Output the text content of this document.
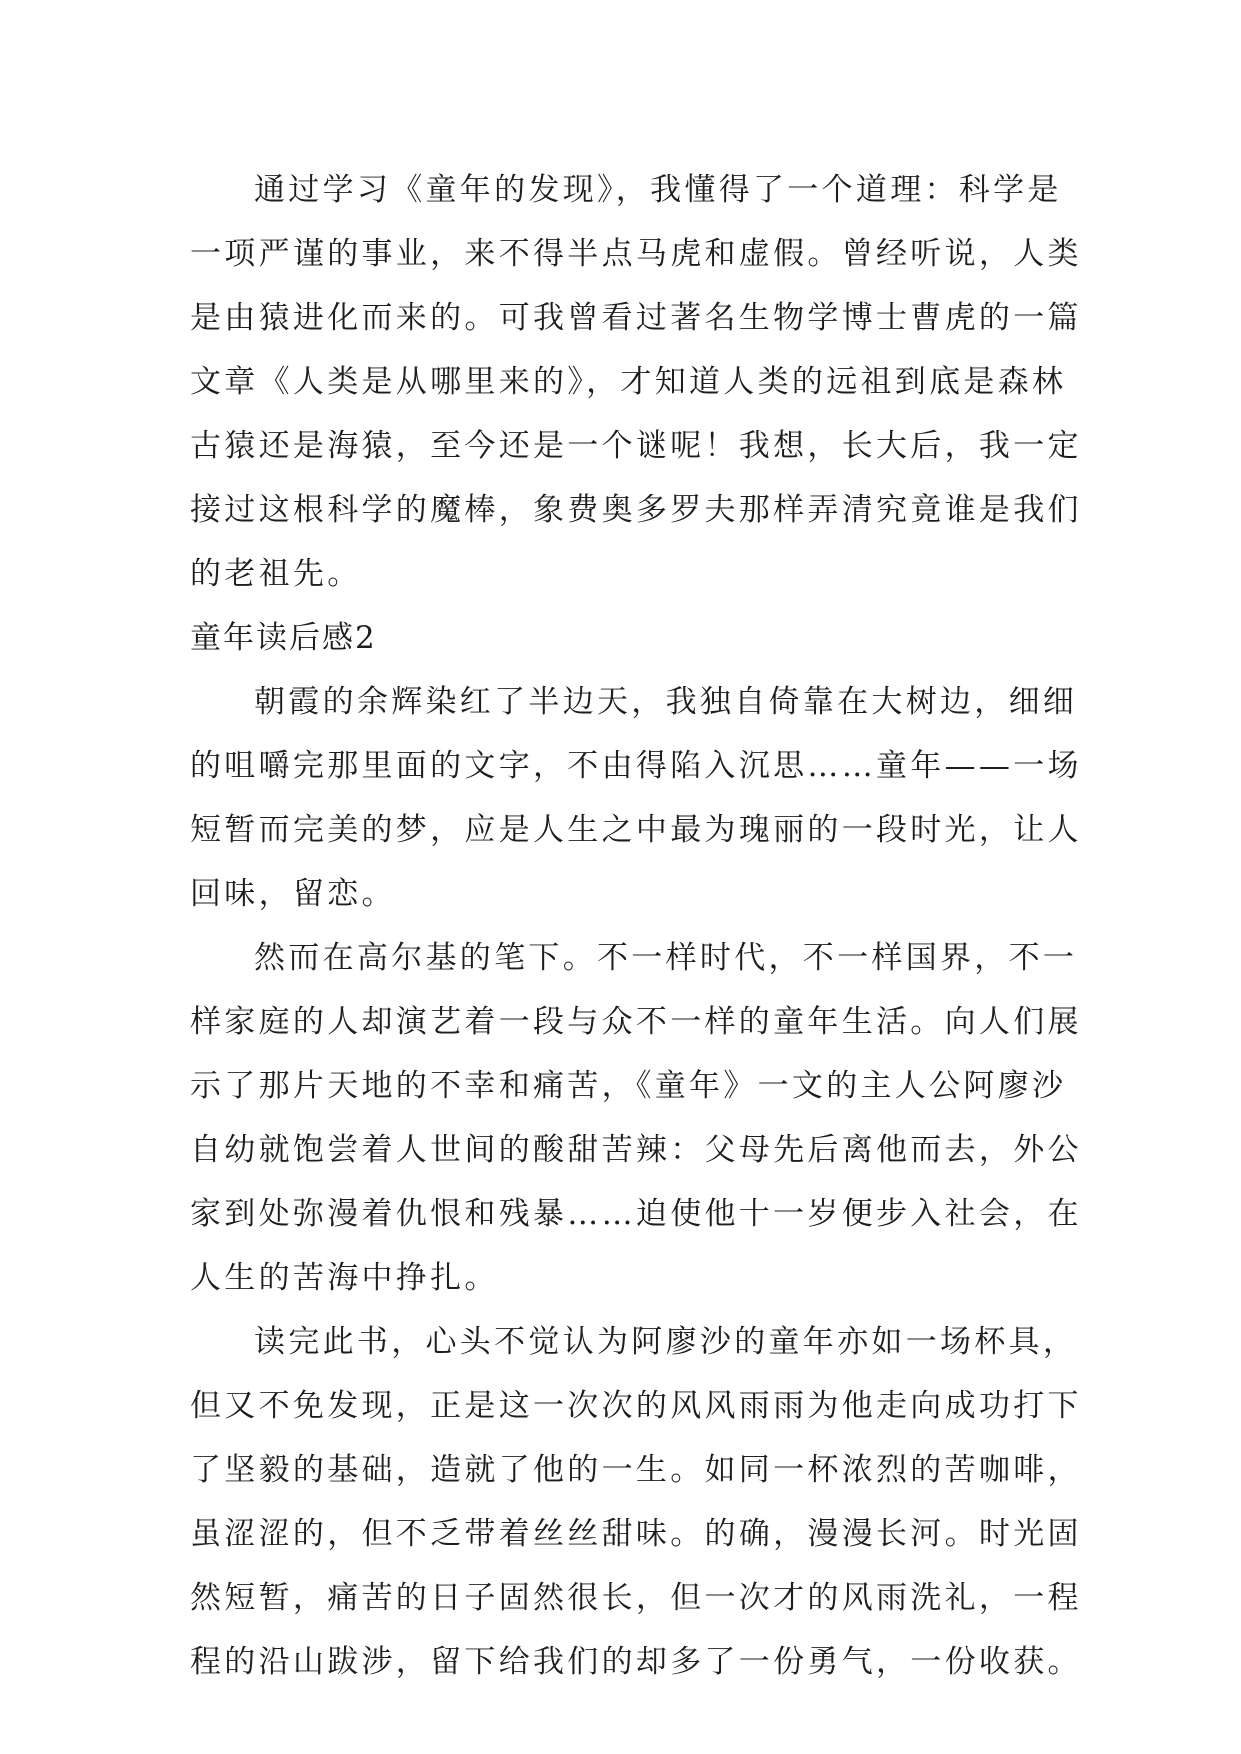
通过学习《童年的发现》，我懂得了一个道理：科学是
一项严谨的事业，来不得半点马虎和虚假。曾经听说，人类
是由猿进化而来的。可我曾看过著名生物学博士曹虎的一篇
文章《人类是从哪里来的》，才知道人类的远祖到底是森林
古猿还是海猿，至今还是一个谜呢！我想，长大后，我一定
接过这根科学的魔棒，象费奥多罗夫那样弄清究竟谁是我们
的老祖先。
童年读后感2
朝霞的余辉染红了半边天，我独自倚靠在大树边，细细
的咀嚼完那里面的文字，不由得陷入沉思……童年——一场
短暂而完美的梦，应是人生之中最为瑰丽的一段时光，让人
回味，留恋。
然而在高尔基的笔下。不一样时代，不一样国界，不一
样家庭的人却演艺着一段与众不一样的童年生活。向人们展
示了那片天地的不幸和痛苦，《童年》一文的主人公阿廖沙
自幼就饱尝着人世间的酸甜苦辣：父母先后离他而去，外公
家到处弥漫着仇恨和残暴……迫使他十一岁便步入社会，在
人生的苦海中挣扎。
读完此书，心头不觉认为阿廖沙的童年亦如一场杯具，
但又不免发现，正是这一次次的风风雨雨为他走向成功打下
了坚毅的基础，造就了他的一生。如同一杯浓烈的苦咖啡，
虽涩涩的，但不乏带着丝丝甜味。的确，漫漫长河。时光固
然短暂，痛苦的日子固然很长，但一次才的风雨洗礼，一程
程的沿山跋涉，留下给我们的却多了一份勇气，一份收获。
